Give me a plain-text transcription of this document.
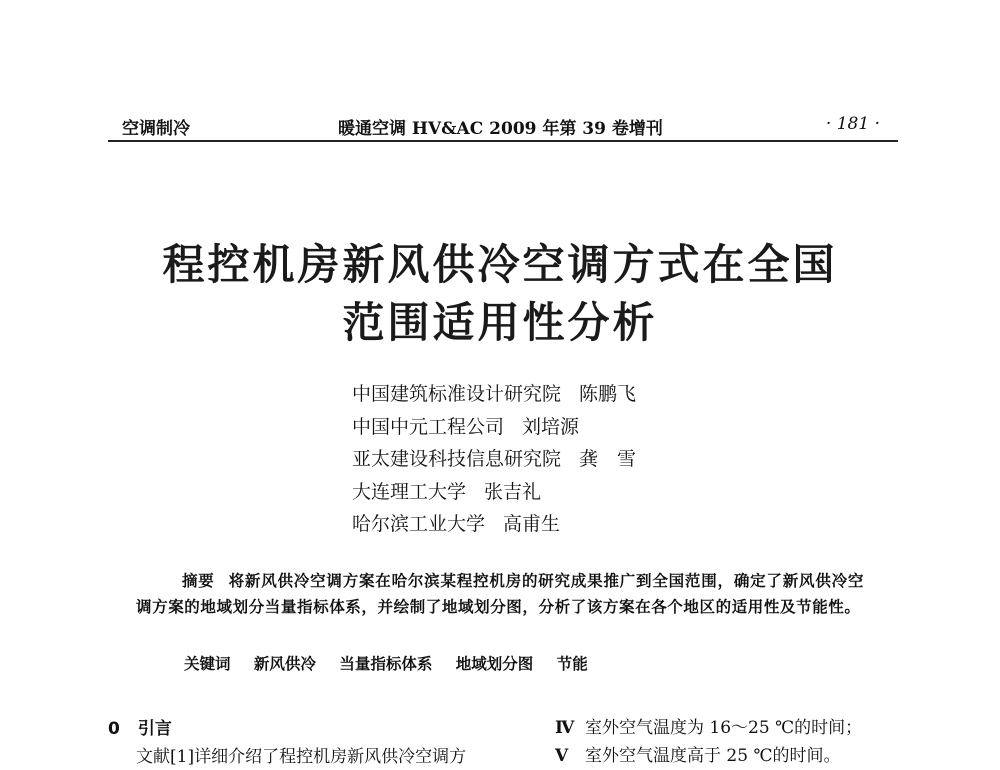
空调制冷	暖通空调 HV&AC 2009 年第 39 卷增刊	· 181 ·
程控机房新风供冷空调方式在全国
范围适用性分析
中国建筑标准设计研究院 陈鹏飞
中国中元工程公司 刘培源
亚太建设科技信息研究院 龚　雪
大连理工大学 张吉礼
哈尔滨工业大学 高甫生
摘要 将新风供冷空调方案在哈尔滨某程控机房的研究成果推广到全国范围，确定了新风供冷空调方案的地域划分当量指标体系，并绘制了地域划分图，分析了该方案在各个地区的适用性及节能性。
关键词 新风供冷 当量指标体系 地域划分图 节能
0 引言
文献[1]详细介绍了程控机房新风供冷空调方
Ⅳ 室外空气温度为 16～25 ℃的时间；
Ⅴ 室外空气温度高于 25 ℃的时间。
